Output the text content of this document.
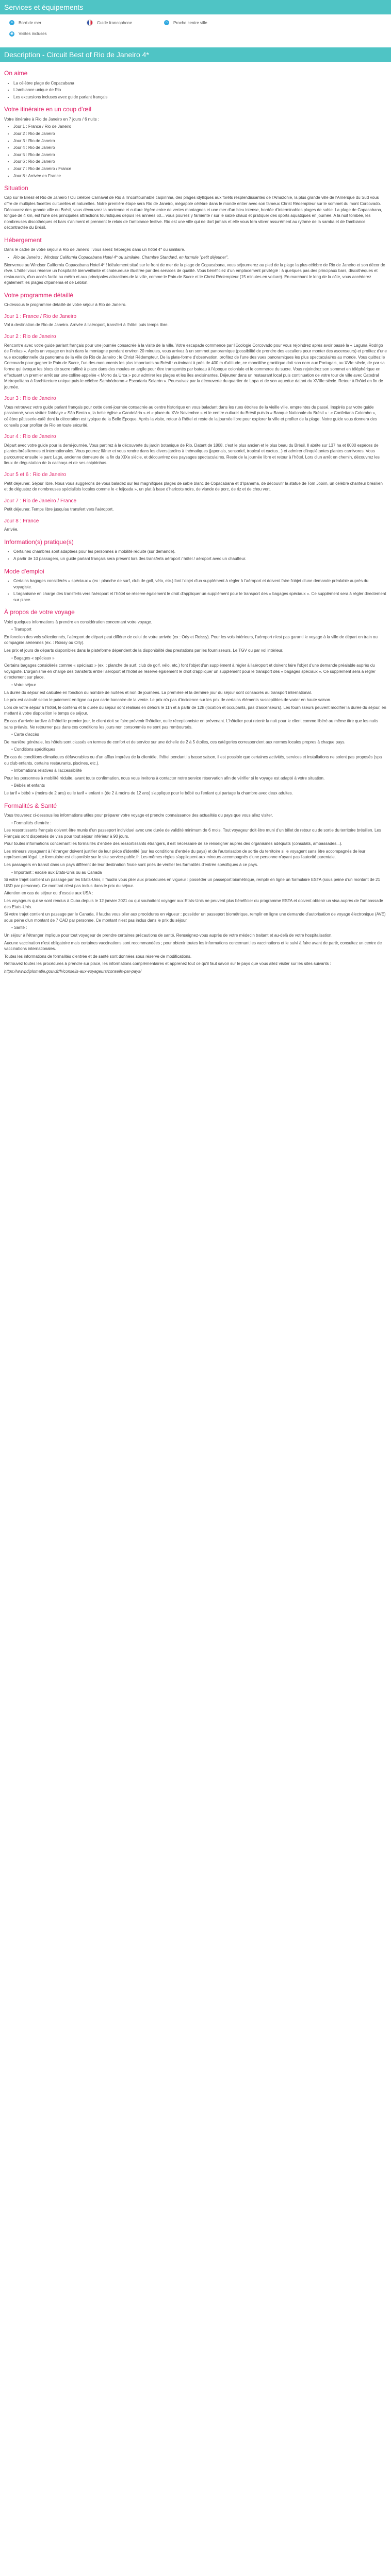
Services et équipements
≈	Bord de mer	Guide francophone	⌂	Proche centre ville
◉ Visites incluses
Description - Circuit Best of Rio de Janeiro 4*
On aime
• La célèbre plage de Copacabana
• L'ambiance unique de Rio
• Les excursions incluses avec guide parlant français
Votre itinéraire en un coup d'œil

Votre itinéraire à Rio de Janeiro en 7 jours / 6 nuits :

• Jour 1 : France / Rio de Janeiro
• Jour 2 : Rio de Janeiro
• Jour 3 : Rio de Janeiro
• Jour 4 : Rio de Janeiro
• Jour 5 : Rio de Janeiro
• Jour 6 : Rio de Janeiro
• Jour 7 : Rio de Janeiro / France
• Jour 8 : Arrivée en France
Situation

Cap sur le Brésil et Rio de Janeiro ! Ou célèbre Carnaval de Rio à l'incontournable caipirinha, des plages idylliques aux forêts resplendissantes de l'Amazonie, la plus grande ville de l'Amérique du Sud vous offre de multiples facettes culturelles et naturelles. Notre première étape sera Rio de Janeiro, mégapole célèbre dans le monde entier avec son fameux Christ Rédempteur sur le sommet du mont Corcovado. Découvrez des grande ville du Brésil, vous découvrez la ancienne et culture légère entre de vertes montagnes et une mer d'un bleu intense, bordée d'interminables plages de sable. La plage de Copacabana, longue de 4 km, est l'une des principales attractions touristiques depuis les années 60... vous pourrez y farniente r sur le sable chaud et pratiquer des sports aquatiques en journée. A la nuit tombée, les nombreuses discothèques et bars s'animent et prennent le relais de l'ambiance festive. Rio est une ville qui ne dort jamais et elle vous fera vibrer assurément au rythme de la samba et de l'ambiance décontractée du Brésil.

Hébergement

Dans le cadre de votre séjour à Rio de Janeiro : vous serez hébergés dans un hôtel 4* ou similaire.

• Rio de Janeiro : Windsor California Copacabana Hotel 4* ou similaire, Chambre Standard, en formule "petit déjeuner".

Bienvenue au Windsor California Copacabana Hotel 4* ! Idéalement situé sur le front de mer de la plage de Copacabana, vous séjournerez au pied de la plage la plus célèbre de Rio de Janeiro et son décor de rêve. L'hôtel vous réserve un hospitalité bienveillante et chaleureuse illustrée par des services de qualité. Vous bénéficiez d'un emplacement privilégié : à quelques pas des principaux bars, discothèques et restaurants, d'un accès facile au métro et aux principales attractions de la ville, comme le Pain de Sucre et le Christ Rédempteur (15 minutes en voiture). En marchant le long de la côte, vous accéderez également les plages d'Ipanema et de Leblon.

Votre programme détaillé

Ci-dessous le programme détaillé de votre séjour à Rio de Janeiro.

Jour 1 : France / Rio de Janeiro

Vol à destination de Rio de Janeiro. Arrivée à l'aéroport, transfert à l'hôtel puis temps libre.

Jour 2 : Rio de Janeiro

Rencontre avec votre guide parlant français pour une journée consacrée à la visite de la ville. Votre escapade commence par l'Ecologie Corcovado pour vous rejoindrez après avoir passé la « Laguna Rodrigo de Freitas ». Après un voyage en train dans la montagne pendant environ 20 minutes, vous arrivez à un sommet panoramique (possibilité de prendre des escaliers pour monter des ascenseurs) et profitez d'une vue exceptionnelle du panorama de la ville de Rio de Janeiro : le Christ Rédempteur. De la plate-forme d'observation, profitez de l'une des vues panoramiques les plus spectaculaires au monde. Vous quittez le Corcovado pour gagner le Pain de Sucre, l'un des monuments les plus importants au Brésil : culminant à près de 400 m d'altitude, ce monolithe granitique doit son nom aux Portugais, au XVIe siècle, de par sa forme qui évoque les blocs de sucre raffiné à place dans des moules en argile pour être transportés par bateau à l'époque coloniale et le commerce du sucre. Vous rejoindrez son sommet en téléphérique en effectuant un premier arrêt sur une colline appelée « Morro da Urca » pour admirer les plages et les îles avoisinantes. Déjeuner dans un restaurant local puis continuation de votre tour de ville avec Catedral Metropolitana à l'architecture unique puis le célèbre Sambódromo « Escadaria Selarón ». Poursuivez par la découverte du quartier de Lapa et de son aqueduc datant du XVIIIe siècle. Retour à l'hôtel en fin de journée.

Jour 3 : Rio de Janeiro

Vous retrouvez votre guide parlant français pour cette demi-journée consacrée au centre historique en vous baladant dans les rues étroites de la vieille ville, empreintes du passé. Inspirés par votre guide passionné, vous visitez l'abbaye « São Bento », la belle église « Candelária » et « place du XVe Novembre » et le centre culturel du Brésil puis la « Banque Nationale du Brésil » : « Confeitaria Colombo », célèbre pâtisserie-café dont la décoration est typique de la Belle Époque. Après la visite, retour à l'hôtel et reste de la journée libre pour explorer la ville et profiter de la plage. Notre guide vous donnera des conseils pour profiter de Rio en toute sécurité.

Jour 4 : Rio de Janeiro

Départ avec votre guide pour la demi-journée. Vous partirez à la découverte du jardin botanique de Rio. Datant de 1808, c'est le plus ancien et le plus beau du Brésil. Il abrite sur 137 ha et 8000 espèces de plantes brésiliennes et internationales. Vous pourrez flâner et vous rendre dans les divers jardins à thématiques (japonais, sensoriel, tropical et cactus...) et admirer d'inquiétantes plantes carnivores. Vous parcourrez ensuite le parc Lage, ancienne demeure de la fin du XIXe siècle, et découvrirez des paysages spectaculaires. Reste de la journée libre et retour à l'hôtel. Lors d'un arrêt en chemin, découvrez les lieux de dégustation de la cachaça et de ses caipirinhas.

Jour 5 et 6 : Rio de Janeiro

Petit déjeuner. Séjour libre. Nous vous suggérons de vous baladez sur les magnifiques plages de sable blanc de Copacabana et d'Ipanema, de découvrir la statue de Tom Jobim, un célèbre chanteur brésilien et de dégustez de nombreuses spécialités locales comme le « feijoada », un plat à base d'haricots noirs, de viande de porc, de riz et de chou vert.

Jour 7 : Rio de Janeiro / France

Petit déjeuner. Temps libre jusqu'au transfert vers l'aéroport.

Jour 8 : France

Arrivée.

Information(s) pratique(s)
• Certaines chambres sont adaptées pour les personnes à mobilité réduite (sur demande).
• A partir de 10 passagers, un guide parlant français sera présent lors des transferts aéroport / hôtel / aéroport avec un chauffeur.
Mode d'emploi
• Certains bagages considérés « spéciaux » (ex : planche de surf, club de golf, vélo, etc.) font l'objet d'un supplément à régler à l'aéroport et doivent faire l'objet d'une demande préalable auprès du voyagiste.
• L'organisme en charge des transferts vers l'aéroport et l'hôtel se réserve également le droit d'appliquer un supplément pour le transport des « bagages spéciaux ». Ce supplément sera à régler directement sur place.
À propos de votre voyage

Voici quelques informations à prendre en considération concernant votre voyage.

• Transport

En fonction des vols sélectionnés, l'aéroport de départ peut différer de celui de votre arrivée (ex : Orly et Roissy). Pour les vols intérieurs, l'aéroport n'est pas garanti le voyage à la ville de départ en train ou compagnie aériennes (ex. : Roissy ou Orly).

Les prix et jours de départs disponibles dans la plateforme dépendent de la disponibilité des prestations par les fournisseurs. Le TGV ou par vol intérieur.

• Bagages « spéciaux »

Certains bagages considérés comme « spéciaux » (ex. : planche de surf, club de golf, vélo, etc.) font l'objet d'un supplément à régler à l'aéroport et doivent faire l'objet d'une demande préalable auprès du voyagiste. L'organisme en charge des transferts entre l'aéroport et l'hôtel se réserve également le droit d'appliquer un supplément pour le transport des « bagages spéciaux ». Ce supplément sera à régler directement sur place.

• Votre séjour

La durée du séjour est calculée en fonction du nombre de nuitées et non de journées. La première et la dernière jour du séjour sont consacrés au transport international.

Le prix est calculé selon le paiement en ligne ou par carte bancaire de la vente. Le prix n'a pas d'incidence sur les prix de certains éléments susceptibles de varier en haute saison.

Lors de votre séjour à l'hôtel, le contenu et la durée du séjour sont réalisés en dehors le 11h et à partir de 12h (location et occupants, pas d'ascenseurs). Les fournisseurs peuvent modifier la durée du séjour, en mettant à votre disposition le temps de séjour.

En cas d'arrivée tardive à l'hôtel le premier jour, le client doit se faire prévenir l'hôtelier, ou le réceptionniste en prévenant. L'hôtelier peut retenir la nuit pour le client comme libéré au même titre que les nuits sans préavis. Ne retourner pas dans ces conditions les jours non consommés ne sont pas remboursés.

• Carte d'accès

De manière générale, les hôtels sont classés en termes de confort et de service sur une échelle de 2 à 5 étoiles, ces catégories correspondent aux normes locales propres à chaque pays.

• Conditions spécifiques

En cas de conditions climatiques défavorables ou d'un afflux imprévu de la clientèle, l'hôtel pendant la basse saison, il est possible que certaines activités, services et installations ne soient pas proposés (spa ou club enfants, certains restaurants, piscines, etc.).

• Informations relatives à l'accessibilité

Pour les personnes à mobilité réduite, avant toute confirmation, nous vous invitons à contacter notre service réservation afin de vérifier si le voyage est adapté à votre situation.

• Bébés et enfants

Le tarif « bébé » (moins de 2 ans) ou le tarif « enfant » (de 2 à moins de 12 ans) s'applique pour le bébé ou l'enfant qui partage la chambre avec deux adultes.

Formalités & Santé

Vous trouverez ci-dessous les informations utiles pour préparer votre voyage et prendre connaissance des actualités du pays que vous allez visiter.

• Formalités d'entrée :

Les ressortissants français doivent être munis d'un passeport individuel avec une durée de validité minimum de 6 mois. Tout voyageur doit être muni d'un billet de retour ou de sortie du territoire brésilien. Les Français sont dispensés de visa pour tout séjour inférieur à 90 jours.

Pour toutes informations concernant les formalités d'entrée des ressortissants étrangers, il est nécessaire de se renseigner auprès des organismes adéquats (consulats, ambassades...).

Les mineurs voyageant à l'étranger doivent justifier de leur pièce d'identité (sur les conditions d'entrée du pays) et de l'autorisation de sortie du territoire si le voyagent sans être accompagnés de leur représentant légal. Le formulaire est disponible sur le site service-public.fr. Les mêmes règles s'appliquent aux mineurs accompagnés d'une personne n'ayant pas l'autorité parentale.

Les passagers en transit dans un pays différent de leur destination finale sont priés de vérifier les formalités d'entrée spécifiques à ce pays.

• Important : escale aux Etats-Unis ou au Canada

Si votre trajet contient un passage par les Etats-Unis, il faudra vous plier aux procédures en vigueur : posséder un passeport biométrique, remplir en ligne un formulaire ESTA (sous peine d'un montant de 21 USD par personne). Ce montant n'est pas inclus dans le prix du séjour.

Attention en cas de séjour ou d'escale aux USA :

Les voyageurs qui se sont rendus à Cuba depuis le 12 janvier 2021 ou qui souhaitent voyager aux Etats-Unis ne peuvent plus bénéficier du programme ESTA et doivent obtenir un visa auprès de l'ambassade des Etats-Unis.

Si votre trajet contient un passage par le Canada, il faudra vous plier aux procédures en vigueur : posséder un passeport biométrique, remplir en ligne une demande d'autorisation de voyage électronique (AVE) sous peine d'un montant de 7 CAD par personne. Ce montant n'est pas inclus dans le prix du séjour.

• Santé :

Un séjour à l'étranger implique pour tout voyageur de prendre certaines précautions de santé. Renseignez-vous auprès de votre médecin traitant et au-delà de votre hospitalisation.

Aucune vaccination n'est obligatoire mais certaines vaccinations sont recommandées ; pour obtenir toutes les informations concernant les vaccinations et le suivi à faire avant de partir, consultez un centre de vaccinations internationales.

Toutes les informations de formalités d'entrée et de santé sont données sous réserve de modifications.

Retrouvez toutes les procédures à prendre sur place, les informations complémentaires et apprenez tout ce qu'il faut savoir sur le pays que vous allez visiter sur les sites suivants :

https://www.diplomatie.gouv.fr/fr/conseils-aux-voyageurs/conseils-par-pays/
